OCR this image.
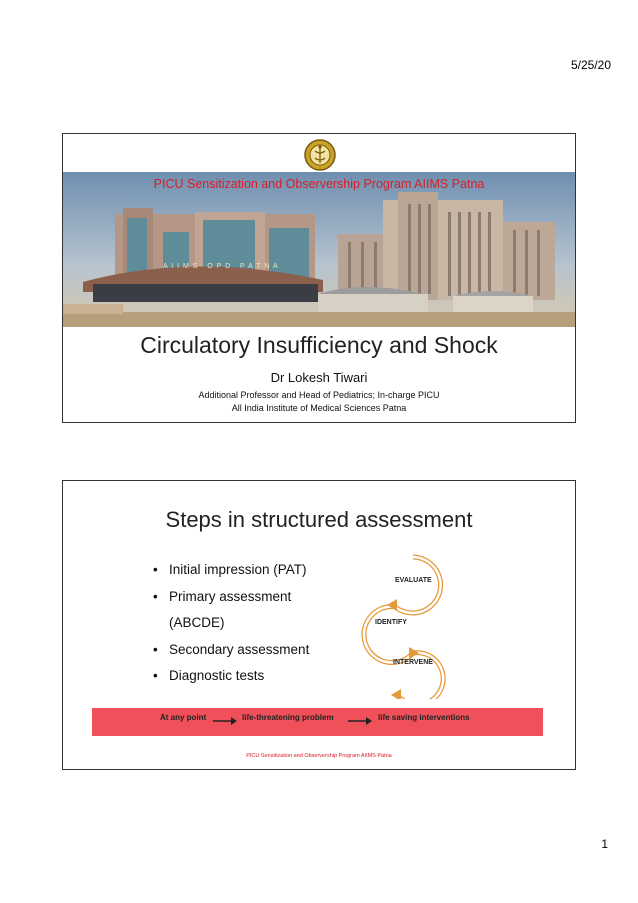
5/25/20
PICU Sensitization and Observership Program AIIMS Patna
A I I M S   O P D   P A T N A
Circulatory Insufficiency and Shock
Dr Lokesh Tiwari
Additional Professor and Head of Pediatrics; In-charge PICU
All India Institute of Medical Sciences Patna
Steps in structured assessment
• Initial impression (PAT)
• Primary assessment
(ABCDE)
• Secondary assessment
• Diagnostic tests
EVALUATE
IDENTIFY
INTERVENE
At any point	life-threatening problem	life saving interventions
PICU Sensitization and Observership Program AIIMS Patna
1
